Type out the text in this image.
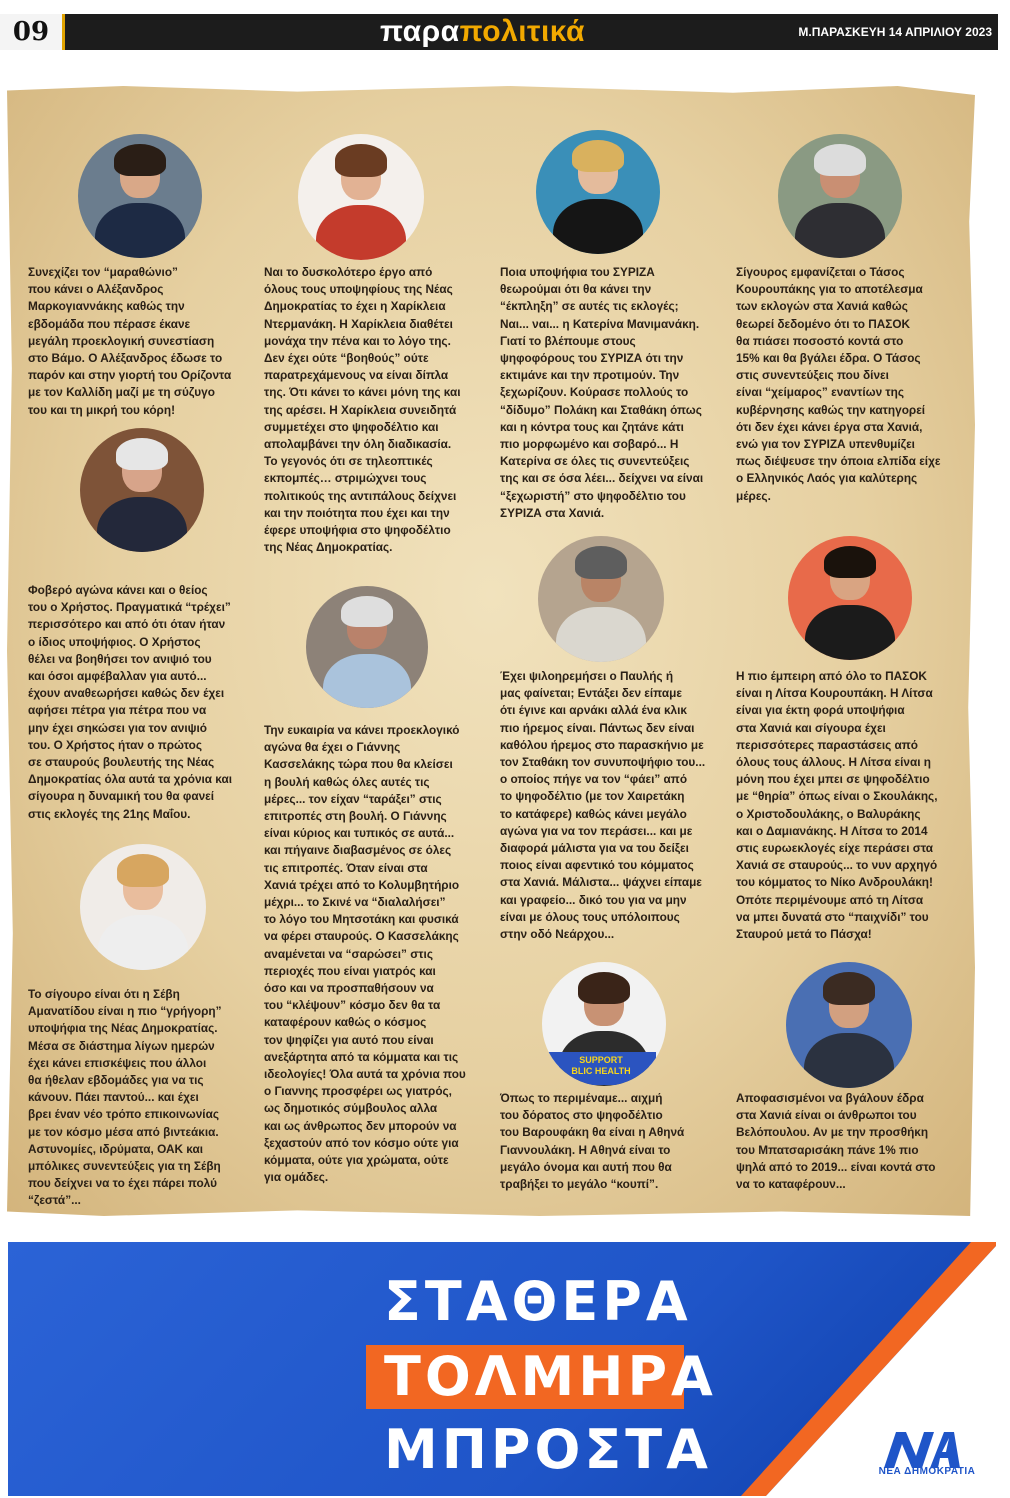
09	παραπολιτικά	Μ.ΠΑΡΑΣΚΕΥΗ 14 ΑΠΡΙΛΙΟΥ 2023
SUPPORT
BLIC HEALTH

Συνεχίζει τον “μαραθώνιο”
που κάνει ο Αλέξανδρος
Μαρκογιαννάκης καθώς την
εβδομάδα που πέρασε έκανε
μεγάλη προεκλογική συνεστίαση
στο Βάμο. Ο Αλέξανδρος έδωσε το
παρόν και στην γιορτή του Ορίζοντα
με τον Καλλίδη μαζί με τη σύζυγο
του και τη μικρή του κόρη!

Ναι το δυσκολότερο έργο από
όλους τους υποψηφίους της Νέας
Δημοκρατίας το έχει η Χαρίκλεια
Ντερμανάκη. Η Χαρίκλεια διαθέτει
μονάχα την πένα και το λόγο της.
Δεν έχει ούτε “βοηθούς” ούτε
παρατρεχάμενους να είναι δίπλα
της. Ότι κάνει το κάνει μόνη της και
της αρέσει. Η Χαρίκλεια συνειδητά
συμμετέχει στο ψηφοδέλτιο και
απολαμβάνει την όλη διαδικασία.
Το γεγονός ότι σε τηλεοπτικές
εκπομπές… στριμώχνει τους
πολιτικούς της αντιπάλους δείχνει
και την ποιότητα που έχει και την
έφερε υποψήφια στο ψηφοδέλτιο
της Νέας Δημοκρατίας.

Ποια υποψήφια του ΣΥΡΙΖΑ
θεωρούμαι ότι θα κάνει την
“έκπληξη” σε αυτές τις εκλογές;
Ναι... ναι... η Κατερίνα Μανιμανάκη.
Γιατί το βλέπουμε στους
ψηφοφόρους του ΣΥΡΙΖΑ ότι την
εκτιμάνε και την προτιμούν. Την
ξεχωρίζουν. Κούρασε πολλούς το
“δίδυμο” Πολάκη και Σταθάκη όπως
και η κόντρα τους και ζητάνε κάτι
πιο μορφωμένο και σοβαρό... Η
Κατερίνα σε όλες τις συνεντεύξεις
της και σε όσα λέει... δείχνει να είναι
“ξεχωριστή” στο ψηφοδέλτιο του
ΣΥΡΙΖΑ στα Χανιά.

Σίγουρος εμφανίζεται ο Τάσος
Κουρουπάκης για το αποτέλεσμα
των εκλογών στα Χανιά καθώς
θεωρεί δεδομένο ότι το ΠΑΣΟΚ
θα πιάσει ποσοστό κοντά στο
15% και θα βγάλει έδρα. Ο Τάσος
στις συνεντεύξεις που δίνει
είναι “χείμαρος” εναντίων της
κυβέρνησης καθώς την κατηγορεί
ότι δεν έχει κάνει έργα στα Χανιά,
ενώ για τον ΣΥΡΙΖΑ υπενθυμίζει
πως διέψευσε την όποια ελπίδα είχε
ο Ελληνικός Λαός για καλύτερης
μέρες.

Φοβερό αγώνα κάνει και ο θείος
του ο Χρήστος. Πραγματικά “τρέχει”
περισσότερο και από ότι όταν ήταν
ο ίδιος υποψήφιος. Ο Χρήστος
θέλει να βοηθήσει τον ανιψιό του
και όσοι αμφέβαλλαν για αυτό...
έχουν αναθεωρήσει καθώς δεν έχει
αφήσει πέτρα για πέτρα που να
μην έχει σηκώσει για τον ανιψιό
του. Ο Χρήστος ήταν ο πρώτος
σε σταυρούς βουλευτής της Νέας
Δημοκρατίας όλα αυτά τα χρόνια και
σίγουρα η δυναμική του θα φανεί
στις εκλογές της 21ης Μαΐου.

Την ευκαιρία να κάνει προεκλογικό
αγώνα θα έχει ο Γιάννης
Κασσελάκης τώρα που θα κλείσει
η βουλή καθώς όλες αυτές τις
μέρες... τον είχαν “ταράξει” στις
επιτροπές στη βουλή. Ο Γιάννης
είναι κύριος και τυπικός σε αυτά...
και πήγαινε διαβασμένος σε όλες
τις επιτροπές. Όταν είναι στα
Χανιά τρέχει από το Κολυμβητήριο
μέχρι... το Σκινέ να “διαλαλήσει”
το λόγο του Μητσοτάκη και φυσικά
να φέρει σταυρούς. Ο Κασσελάκης
αναμένεται να “σαρώσει” στις
περιοχές που είναι γιατρός και
όσο και να προσπαθήσουν να
του “κλέψουν” κόσμο δεν θα τα
καταφέρουν καθώς ο κόσμος
τον ψηφίζει για αυτό που είναι
ανεξάρτητα από τα κόμματα και τις
ιδεολογίες! Όλα αυτά τα χρόνια που
ο Γιαννης προσφέρει ως γιατρός,
ως δημοτικός σύμβουλος αλλα
και ως άνθρωπος δεν μπορούν να
ξεχαστούν από τον κόσμο ούτε για
κόμματα, ούτε για χρώματα, ούτε
για ομάδες.

Έχει ψιλοηρεμήσει ο Παυλής ή
μας φαίνεται; Εντάξει δεν είπαμε
ότι έγινε και αρνάκι αλλά ένα κλικ
πιο ήρεμος είναι. Πάντως δεν είναι
καθόλου ήρεμος στο παρασκήνιο με
τον Σταθάκη τον συνυποψήφιο του...
ο οποίος πήγε να τον “φάει” από
το ψηφοδέλτιο (με τον Χαιρετάκη
το κατάφερε) καθώς κάνει μεγάλο
αγώνα για να τον περάσει... και με
διαφορά μάλιστα για να του δείξει
ποιος είναι αφεντικό του κόμματος
στα Χανιά. Μάλιστα... ψάχνει είπαμε
και γραφείο... δικό του για να μην
είναι με όλους τους υπόλοιπους
στην οδό Νεάρχου...

Η πιο έμπειρη από όλο το ΠΑΣΟΚ
είναι η Λίτσα Κουρουπάκη. Η Λίτσα
είναι για έκτη φορά υποψήφια
στα Χανιά και σίγουρα έχει
περισσότερες παραστάσεις από
όλους τους άλλους. Η Λίτσα είναι η
μόνη που έχει μπει σε ψηφοδέλτιο
με “θηρία” όπως είναι ο Σκουλάκης,
ο Χριστοδουλάκης, ο Βαλυράκης
και ο Δαμιανάκης. Η Λίτσα το 2014
στις ευρωεκλογές είχε περάσει στα
Χανιά σε σταυρούς... το νυν αρχηγό
του κόμματος το Νίκο Ανδρουλάκη!
Οπότε περιμένουμε από τη Λίτσα
να μπει δυνατά στο “παιχνίδι” του
Σταυρού μετά το Πάσχα!

Το σίγουρο είναι ότι η Σέβη
Αμανατίδου είναι η πιο “γρήγορη”
υποψήφια της Νέας Δημοκρατίας.
Μέσα σε διάστημα λίγων ημερών
έχει κάνει επισκέψεις που άλλοι
θα ήθελαν εβδομάδες για να τις
κάνουν. Πάει παντού... και έχει
βρει έναν νέο τρόπο επικοινωνίας
με τον κόσμο μέσα από βιντεάκια.
Αστυνομίες, ιδρύματα, ΟΑΚ και
μπόλικες συνεντεύξεις για τη Σέβη
που δείχνει να το έχει πάρει πολύ
“ζεστά”...

Όπως το περιμέναμε... αιχμή
του δόρατος στο ψηφοδέλτιο
του Βαρουφάκη θα είναι η Αθηνά
Γιαννουλάκη. Η Αθηνά είναι το
μεγάλο όνομα και αυτή που θα
τραβήξει το μεγάλο “κουπί”.

Αποφασισμένοι να βγάλουν έδρα
στα Χανιά είναι οι άνθρωποι του
Βελόπουλου. Αν με την προσθήκη
του Μπατσαρισάκη πάνε 1% πιο
ψηλά από το 2019... είναι κοντά στο
να το καταφέρουν...

ΣΤΑΘΕΡΑ
ΤΟΛΜΗΡΑ
ΜΠΡΟΣΤΑ	ΝΕΑ ΔΗΜΟΚΡΑΤΙΑ
